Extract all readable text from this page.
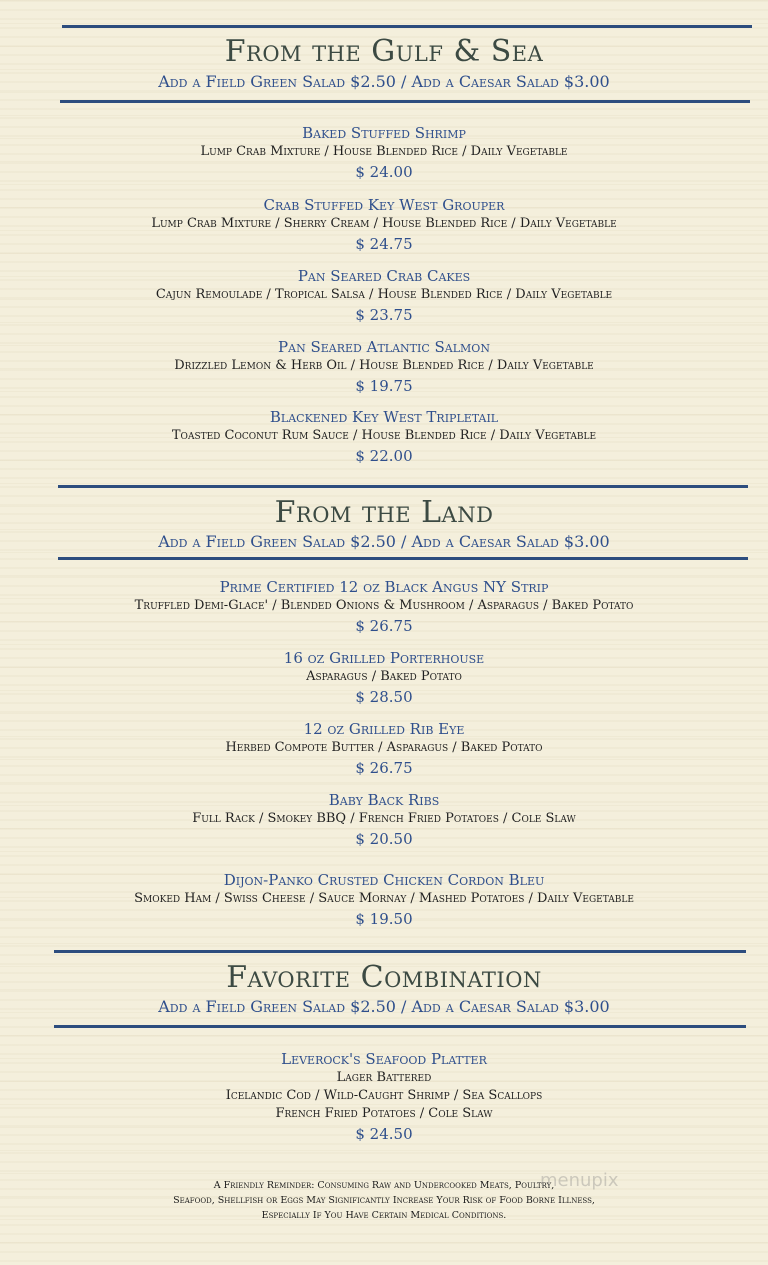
From the Gulf & Sea
Add a Field Green Salad $2.50 / Add a Caesar Salad $3.00
Baked Stuffed Shrimp
Lump Crab Mixture / House Blended Rice / Daily Vegetable
$ 24.00
Crab Stuffed Key West Grouper
Lump Crab Mixture / Sherry Cream / House Blended Rice / Daily Vegetable
$ 24.75
Pan Seared Crab Cakes
Cajun Remoulade / Tropical Salsa / House Blended Rice / Daily Vegetable
$ 23.75
Pan Seared Atlantic Salmon
Drizzled Lemon & Herb Oil / House Blended Rice / Daily Vegetable
$ 19.75
Blackened Key West Tripletail
Toasted Coconut Rum Sauce / House Blended Rice / Daily Vegetable
$ 22.00
From the Land
Add a Field Green Salad $2.50 / Add a Caesar Salad $3.00
Prime Certified 12 oz Black Angus NY Strip
Truffled Demi-Glace' / Blended Onions & Mushroom / Asparagus / Baked Potato
$ 26.75
16 oz Grilled Porterhouse
Asparagus / Baked Potato
$ 28.50
12 oz Grilled Rib Eye
Herbed Compote Butter / Asparagus / Baked Potato
$ 26.75
Baby Back Ribs
Full Rack / Smokey BBQ / French Fried Potatoes / Cole Slaw
$ 20.50
Dijon-Panko Crusted Chicken Cordon Bleu
Smoked Ham / Swiss Cheese / Sauce Mornay / Mashed Potatoes / Daily Vegetable
$ 19.50
Favorite Combination
Add a Field Green Salad $2.50 / Add a Caesar Salad $3.00
Leverock's Seafood Platter
Lager Battered
Icelandic Cod / Wild-Caught Shrimp / Sea Scallops
French Fried Potatoes / Cole Slaw
$ 24.50
A Friendly Reminder: Consuming Raw and Undercooked Meats, Poultry,
Seafood, Shellfish or Eggs May Significantly Increase Your Risk of Food Borne Illness,
Especially If You Have Certain Medical Conditions.
menupix
